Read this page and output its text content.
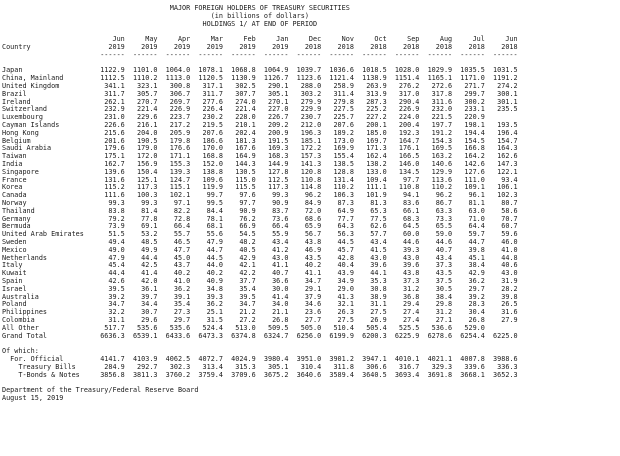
MAJOR FOREIGN HOLDERS OF TREASURY SECURITIES
(in billions of dollars)
HOLDINGS 1/ AT END OF PERIOD
Jun     May     Apr     Mar     Feb     Jan     Dec     Nov     Oct     Sep     Aug     Jul     Jun
Country                   2019    2019    2019    2019    2019    2019    2018    2018    2018    2018    2018    2018    2018
------  ------  ------  ------  ------  ------  ------  ------  ------  ------  ------  ------  ------
Japan                   1122.9  1101.0  1064.0  1078.1  1068.8  1064.9  1039.7  1036.6  1018.5  1028.0  1029.9  1035.5  1031.5
China, Mainland         1112.5  1110.2  1113.0  1120.5  1130.9  1126.7  1123.6  1121.4  1138.9  1151.4  1165.1  1171.0  1191.2
United Kingdom           341.1   323.1   300.8   317.1   302.5   290.1   288.0   258.9   263.9   276.2   272.6   271.7   274.2
Brazil                   311.7   305.7   306.7   311.7   307.7   305.1   303.2   311.4   313.9   317.0   317.8   299.7   300.1
Ireland                  262.1   270.7   269.7   277.6   274.0   270.1   279.9   279.8   287.3   290.4   311.6   300.2   301.1
Switzerland              232.9   221.4   226.9   226.4   221.4   227.0   229.9   227.5   225.2   226.9   232.0   233.1   235.5
Luxembourg               231.0   229.6   223.7   230.2   228.0   226.7   230.7   225.7   227.2   224.0   221.5   220.9
Cayman Islands           226.6   216.1   217.2   219.5   210.1   209.2   212.0   207.6   200.1   200.4   197.7   198.1   193.5
Hong Kong                215.6   204.0   205.9   207.6   202.4   200.9   196.3   189.2   185.0   192.3   191.2   194.4   196.4
Belgium                  201.6   190.5   179.8   186.6   181.3   191.5   185.1   173.0   169.7   164.7   154.3   154.5   154.7
Saudi Arabia             179.6   179.0   176.6   170.0   167.6   169.3   172.2   169.9   171.3   176.1   169.5   166.8   164.3
Taiwan                   175.1   172.0   171.1   168.8   164.9   168.3   157.3   155.4   162.4   166.5   163.2   164.2   162.6
India                    162.7   156.9   155.3   152.0   144.3   144.9   141.3   138.5   138.2   146.0   140.6   142.6   147.3
Singapore                139.6   150.4   139.3   138.8   130.5   127.8   120.8   128.8   133.0   134.5   129.9   127.6   122.1
France                   131.6   125.1   124.7   109.6   115.0   112.5   110.8   131.4   109.4    97.7   113.6   111.0    93.4
Korea                    115.2   117.3   115.1   119.9   115.5   117.3   114.8   110.2   111.1   110.8   110.2   109.1   106.1
Canada                   111.6   100.3   102.1    99.7    97.6    99.3    96.2   106.3   101.9    94.1    96.2    96.1   102.3
Norway                    99.3    99.3    97.1    99.5    97.7    90.9    84.9    87.3    81.3    83.6    86.7    81.1    80.7
Thailand                  83.8    81.4    82.2    84.4    90.9    83.7    72.0    64.9    65.3    66.1    63.3    63.0    58.6
Germany                   79.2    77.8    72.8    78.1    76.2    73.6    68.6    77.7    77.5    68.3    73.3    71.0    70.7
Bermuda                   73.9    69.1    66.4    68.1    66.9    66.4    65.9    64.3    62.6    64.5    65.5    64.4    60.7
United Arab Emirates      51.5    53.2    55.7    55.6    54.5    55.9    56.7    56.3    57.7    60.0    59.0    59.7    59.6
Sweden                    49.4    48.5    46.5    47.9    48.2    43.4    43.8    44.5    43.4    44.6    44.6    44.7    46.0
Mexico                    49.0    49.9    47.7    44.7    40.5    41.2    46.9    45.7    41.5    39.3    40.7    39.8    41.0
Netherlands               47.9    44.4    45.0    44.5    42.9    43.0    43.5    42.8    43.0    43.0    43.4    45.1    44.8
Italy                     45.4    42.5    43.7    44.0    42.1    41.1    40.2    40.4    39.6    39.6    37.3    38.4    40.6
Kuwait                    44.4    41.4    40.2    40.2    42.2    40.7    41.1    43.9    44.1    43.8    43.5    42.9    43.0
Spain                     42.6    42.0    41.0    40.9    37.7    36.6    34.7    34.9    35.3    37.3    37.5    36.2    31.9
Israel                    39.5    36.1    36.2    34.8    35.4    30.0    29.1    29.0    30.8    31.2    30.5    29.7    28.2
Australia                 39.2    39.7    39.1    39.3    39.5    41.4    37.9    41.3    38.9    36.8    38.4    39.2    39.8
Poland                    34.7    34.4    35.4    36.2    34.7    34.0    34.6    32.1    31.1    29.4    29.8    28.3    26.5
Philippines               32.2    30.7    27.3    25.1    21.2    21.1    23.6    26.3    27.5    27.4    31.2    30.4    31.6
Colombia                  31.1    29.6    29.7    31.5    27.2    26.8    27.7    27.5    26.9    27.4    27.1    26.8    27.9
All Other                517.7   535.6   535.6   524.4   513.0   509.5   505.0   510.4   505.4   525.5   536.6   529.0
Grand Total             6636.3  6539.1  6433.6  6473.3  6374.8  6324.7  6256.0  6199.9  6200.3  6225.9  6278.6  6254.4  6225.0
Of which:
For. Official         4141.7  4103.9  4062.5  4072.7  4024.9  3980.4  3951.0  3901.2  3947.1  4010.1  4021.1  4007.8  3988.6
Treasury Bills       284.9   292.7   302.3   313.4   315.3   305.1   310.4   311.8   306.6   316.7   329.3   339.6   336.3
T-Bonds & Notes     3856.8  3811.3  3760.2  3759.4  3709.6  3675.2  3640.6  3589.4  3640.5  3693.4  3691.8  3668.1  3652.3
Department of the Treasury/Federal Reserve Board
August 15, 2019
